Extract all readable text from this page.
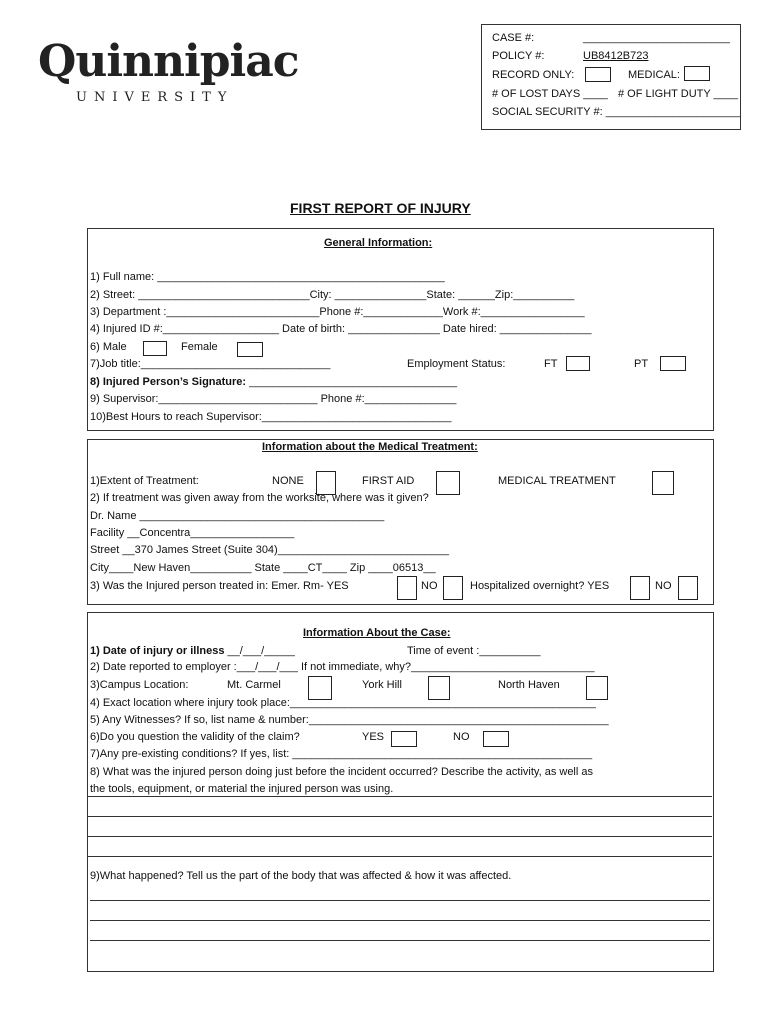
Quinnipiac
UNIVERSITY
CASE #:	________________________
POLICY #:	UB8412B723
RECORD ONLY:	MEDICAL:
# OF LOST DAYS ____ # OF LIGHT DUTY ____
SOCIAL SECURITY #: ______________________
FIRST REPORT OF INJURY
General Information:
1) Full name: _______________________________________________
2) Street: ____________________________City: _______________State: ______Zip:__________
3) Department :_________________________Phone #:_____________Work #:_________________
4) Injured ID #:___________________ Date of birth: _______________ Date hired: _______________
6) Male	Female
7)Job title:_______________________________	Employment Status:	FT	PT
8) Injured Person’s Signature: __________________________________
9) Supervisor:__________________________ Phone #:_______________
10)Best Hours to reach Supervisor:_______________________________
Information about the Medical Treatment:
1)Extent of Treatment:	NONE	FIRST AID	MEDICAL TREATMENT
2) If treatment was given away from the worksite, where was it given?
Dr. Name ________________________________________
Facility __Concentra_________________
Street __370 James Street (Suite 304)____________________________
City____New Haven__________ State ____CT____ Zip ____06513__
3) Was the Injured person treated in: Emer. Rm- YES	NO	Hospitalized overnight? YES	NO
Information About the Case:
1) Date of injury or illness __/___/_____	Time of event :__________
2) Date reported to employer :___/___/___ If not immediate, why?______________________________
3)Campus Location:	Mt. Carmel	York Hill	North Haven
4) Exact location where injury took place:__________________________________________________
5) Any Witnesses? If so, list name & number:_________________________________________________
6)Do you question the validity of the claim?	YES	NO
7)Any pre-existing conditions? If yes, list: _________________________________________________
8) What was the injured person doing just before the incident occurred? Describe the activity, as well as
the tools, equipment, or material the injured person was using.
9)What happened? Tell us the part of the body that was affected & how it was affected.
